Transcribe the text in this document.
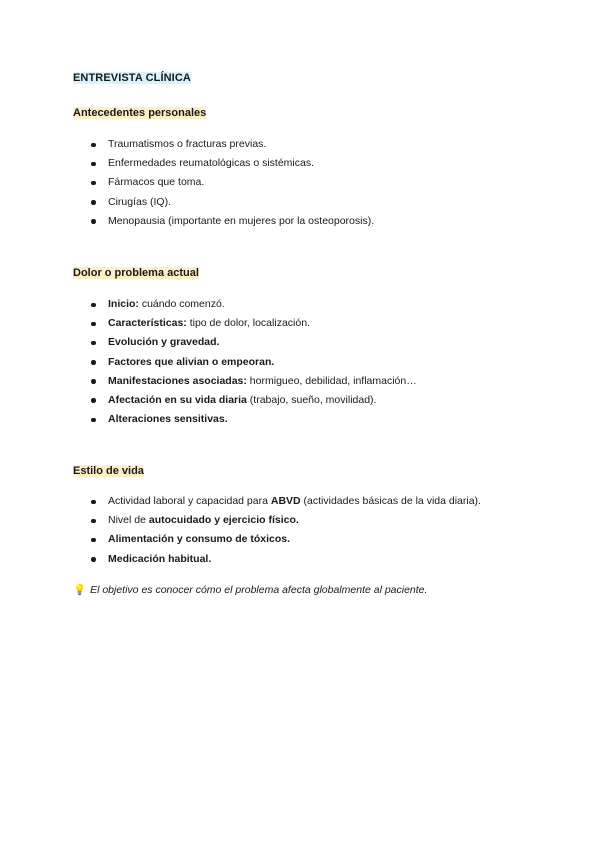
ENTREVISTA CLÍNICA
Antecedentes personales
Traumatismos o fracturas previas.
Enfermedades reumatológicas o sistémicas.
Fármacos que toma.
Cirugías (IQ).
Menopausia (importante en mujeres por la osteoporosis).
Dolor o problema actual
Inicio: cuándo comenzó.
Características: tipo de dolor, localización.
Evolución y gravedad.
Factores que alivian o empeoran.
Manifestaciones asociadas: hormigueo, debilidad, inflamación…
Afectación en su vida diaria (trabajo, sueño, movilidad).
Alteraciones sensitivas.
Estilo de vida
Actividad laboral y capacidad para ABVD (actividades básicas de la vida diaria).
Nivel de autocuidado y ejercicio físico.
Alimentación y consumo de tóxicos.
Medicación habitual.
💡 El objetivo es conocer cómo el problema afecta globalmente al paciente.
